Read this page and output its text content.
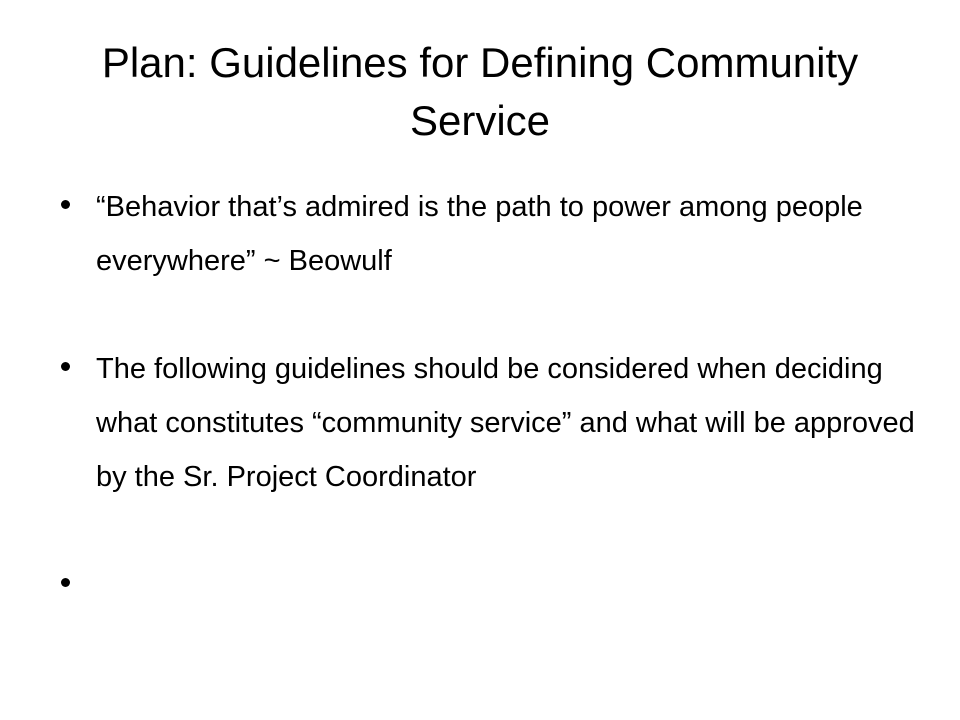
Plan: Guidelines for Defining Community Service
“Behavior that’s admired is the path to power among people everywhere” ~ Beowulf
The following guidelines should be considered when deciding what constitutes “community service” and what will be approved by the Sr. Project Coordinator
